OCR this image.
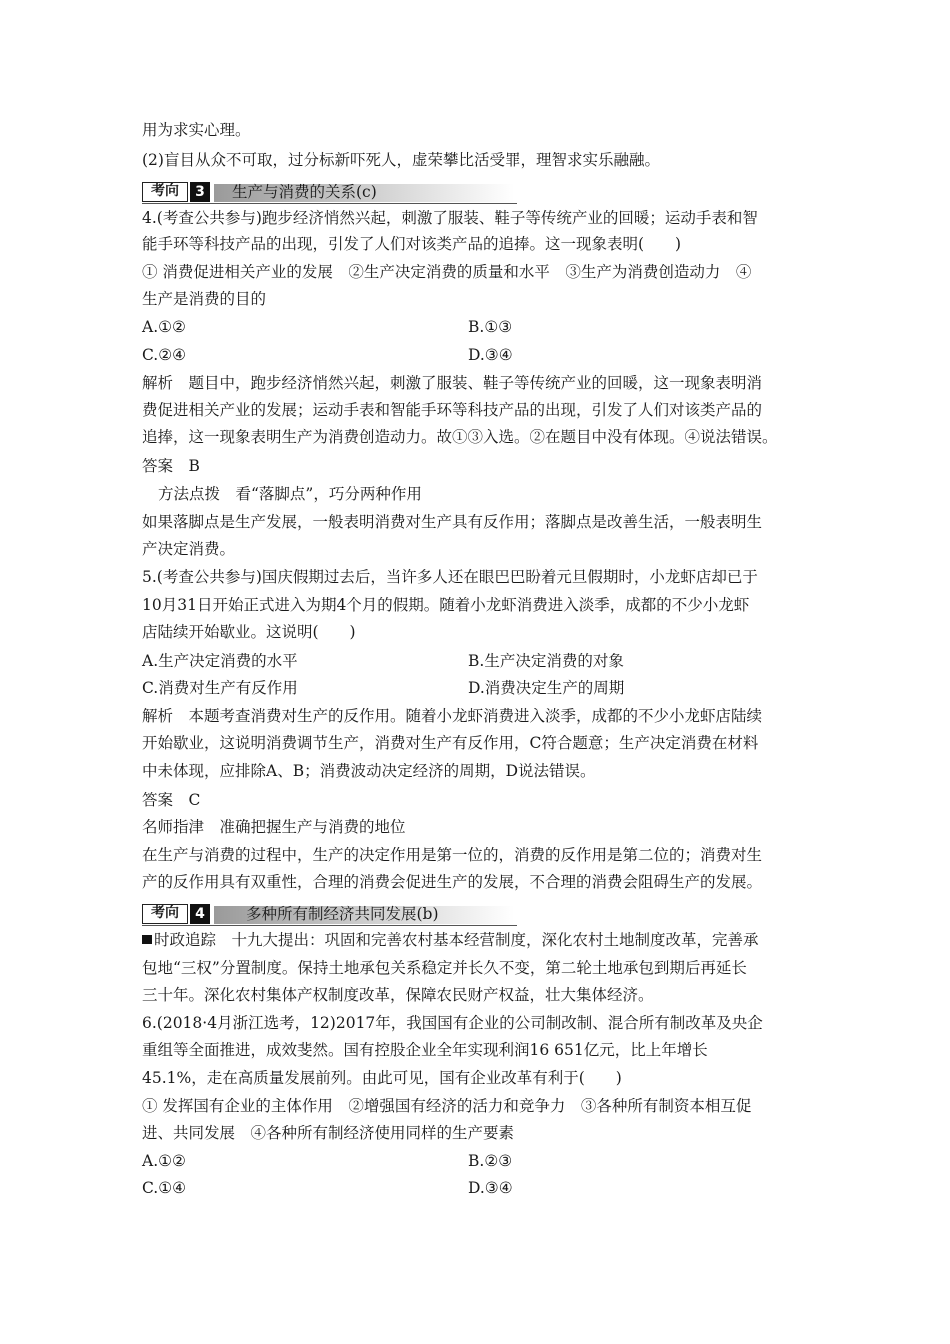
用为求实心理。
(2)盲目从众不可取，过分标新吓死人，虚荣攀比活受罪，理智求实乐融融。
考向	3	生产与消费的关系(c)
4.(考查公共参与)跑步经济悄然兴起，刺激了服装、鞋子等传统产业的回暖；运动手表和智
能手环等科技产品的出现，引发了人们对该类产品的追捧。这一现象表明(　　)
① 消费促进相关产业的发展　②生产决定消费的质量和水平　③生产为消费创造动力　④
生产是消费的目的
A.①②	B.①③
C.②④	D.③④
解析　题目中，跑步经济悄然兴起，刺激了服装、鞋子等传统产业的回暖，这一现象表明消
费促进相关产业的发展；运动手表和智能手环等科技产品的出现，引发了人们对该类产品的
追捧，这一现象表明生产为消费创造动力。故①③入选。②在题目中没有体现。④说法错误。
答案　B
方法点拨　看“落脚点”，巧分两种作用
如果落脚点是生产发展，一般表明消费对生产具有反作用；落脚点是改善生活，一般表明生
产决定消费。
5.(考查公共参与)国庆假期过去后，当许多人还在眼巴巴盼着元旦假期时，小龙虾店却已于
10月31日开始正式进入为期4个月的假期。随着小龙虾消费进入淡季，成都的不少小龙虾
店陆续开始歇业。这说明(　　)
A.生产决定消费的水平	B.生产决定消费的对象
C.消费对生产有反作用	D.消费决定生产的周期
解析　本题考查消费对生产的反作用。随着小龙虾消费进入淡季，成都的不少小龙虾店陆续
开始歇业，这说明消费调节生产，消费对生产有反作用，C符合题意；生产决定消费在材料
中未体现，应排除A、B；消费波动决定经济的周期，D说法错误。
答案　C
名师指津　准确把握生产与消费的地位
在生产与消费的过程中，生产的决定作用是第一位的，消费的反作用是第二位的；消费对生
产的反作用具有双重性，合理的消费会促进生产的发展，不合理的消费会阻碍生产的发展。
考向	4	多种所有制经济共同发展(b)
时政追踪　十九大提出：巩固和完善农村基本经营制度，深化农村土地制度改革，完善承
包地“三权”分置制度。保持土地承包关系稳定并长久不变，第二轮土地承包到期后再延长
三十年。深化农村集体产权制度改革，保障农民财产权益，壮大集体经济。
6.(2018·4月浙江选考，12)2017年，我国国有企业的公司制改制、混合所有制改革及央企
重组等全面推进，成效斐然。国有控股企业全年实现利润16 651亿元，比上年增长
45.1%，走在高质量发展前列。由此可见，国有企业改革有利于(　　)
① 发挥国有企业的主体作用　②增强国有经济的活力和竞争力　③各种所有制资本相互促
进、共同发展　④各种所有制经济使用同样的生产要素
A.①②	B.②③
C.①④	D.③④
